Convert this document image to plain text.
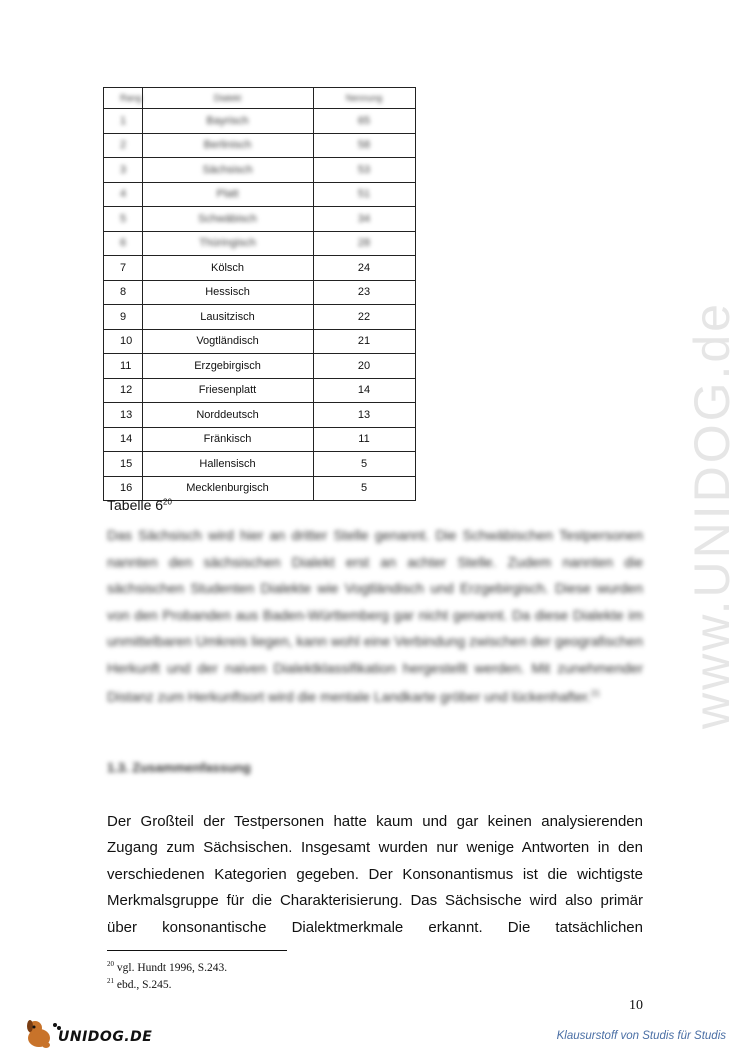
www.UNIDOG.de
Rang	Dialekt	Nennung
1	Bayrisch	65
2	Berlinisch	58
3	Sächsisch	53
4	Platt	51
5	Schwäbisch	34
6	Thüringisch	28
7	Kölsch	24
8	Hessisch	23
9	Lausitzisch	22
10	Vogtländisch	21
11	Erzgebirgisch	20
12	Friesenplatt	14
13	Norddeutsch	13
14	Fränkisch	11
15	Hallensisch	5
16	Mecklenburgisch	5
Tabelle $6^{20}$
Das Sächsisch wird hier an dritter Stelle genannt. Die Schwäbischen Testpersonen nannten den sächsischen Dialekt erst an achter Stelle. Zudem nannten die sächsischen Studenten Dialekte wie Vogtländisch und Erzgebirgisch. Diese wurden von den Probanden aus Baden-Württemberg gar nicht genannt. Da diese Dialekte im unmittelbaren Umkreis liegen, kann wohl eine Verbindung zwischen der geografischen Herkunft und der naiven Dialektklassifikation hergestellt werden. Mit zunehmender Distanz zum Herkunftsort wird die mentale Landkarte gröber und lückenhafter.$^{21}$
1.3. Zusammenfassung
Der Großteil der Testpersonen hatte kaum und gar keinen analysierenden Zugang zum Sächsischen. Insgesamt wurden nur wenige Antworten in den verschiedenen Kategorien gegeben. Der Konsonantismus ist die wichtigste Merkmalsgruppe für die Charakterisierung. Das Sächsische wird also primär über konsonantische Dialektmerkmale erkannt. Die tatsächlichen
$^{20}$ vgl. Hundt 1996, S.243.
$^{21}$ ebd., S.245.
10
UNIDOG.DE	Klausurstoff von Studis für Studis
